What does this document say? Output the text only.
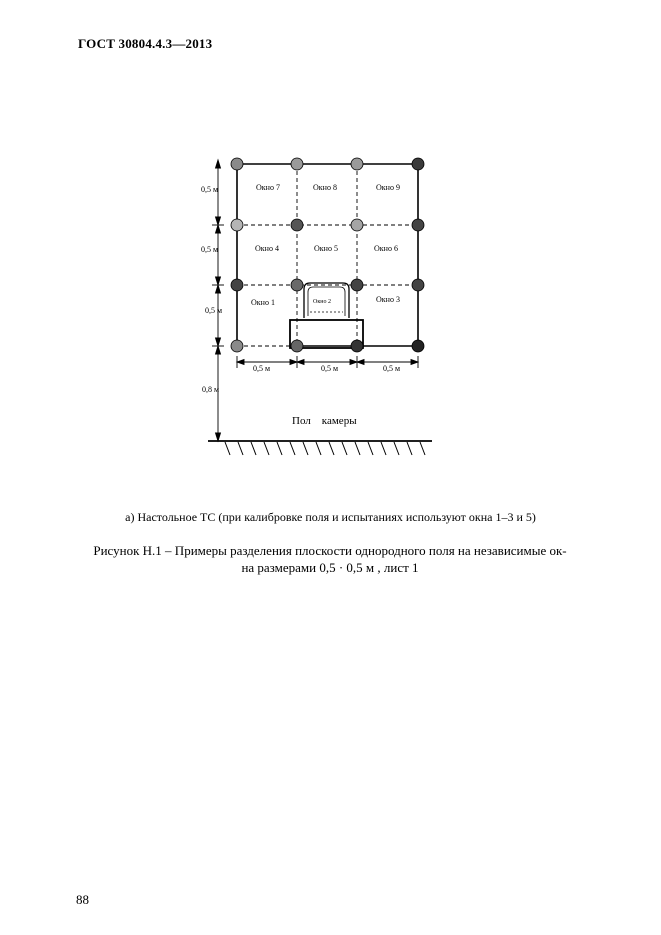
ГОСТ 30804.4.3—2013
Окно 7	Окно 8	Окно 9
Окно 4	Окно 5	Окно 6
Окно 1	Окно 2	Окно 3
0,5 м
0,5 м
0,5 м
0,8 м
0,5 м	0,5 м	0,5 м
Пол    камеры
а) Настольное ТС (при калибровке поля и испытаниях используют окна 1–3 и 5)
Рисунок Н.1 – Примеры разделения плоскости однородного поля на независимые ок-
на размерами 0,5 · 0,5 м , лист 1
88
